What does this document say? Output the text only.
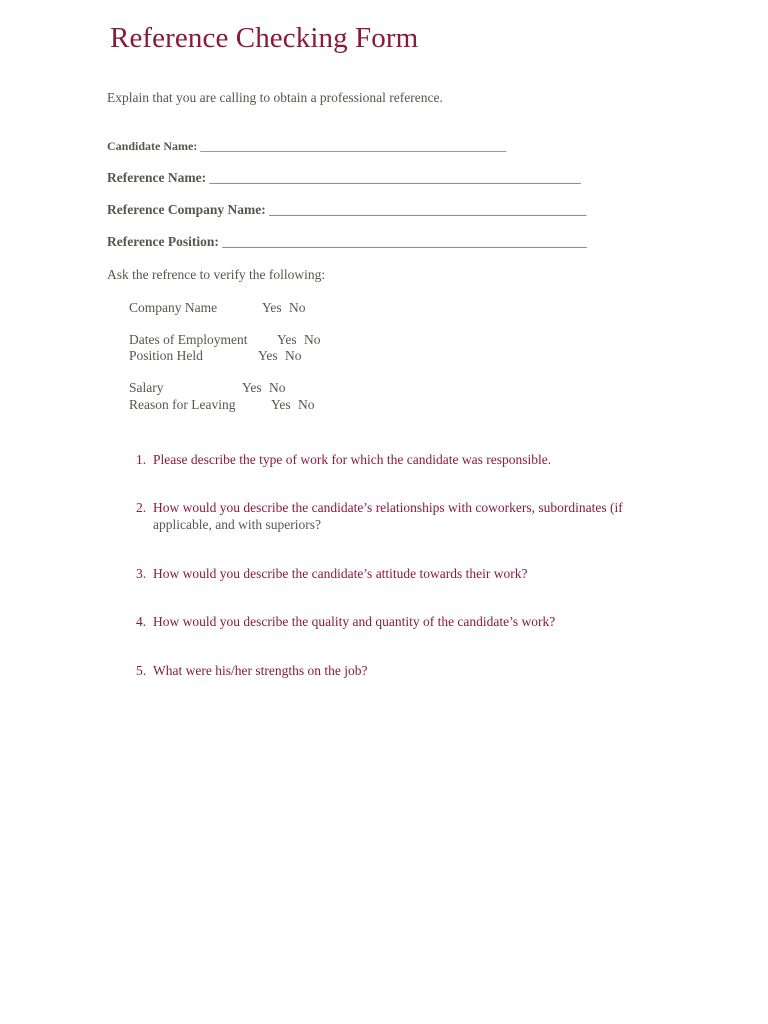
Reference Checking Form
Explain that you are calling to obtain a professional reference.
Candidate Name: ___________________________________________________
Reference Name: _______________________________________________________
Reference Company Name: _______________________________________________
Reference Position: ______________________________________________________
Ask the refrence to verify the following:
Company Name	Yes No
Dates of Employment Yes No
Position Held	Yes No
Salary	Yes No
Reason for Leaving	Yes No
1. Please describe the type of work for which the candidate was responsible.
2. How would you describe the candidate’s relationships with coworkers, subordinates (if
applicable, and with superiors?
3. How would you describe the candidate’s attitude towards their work?
4. How would you describe the quality and quantity of the candidate’s work?
5. What were his/her strengths on the job?
